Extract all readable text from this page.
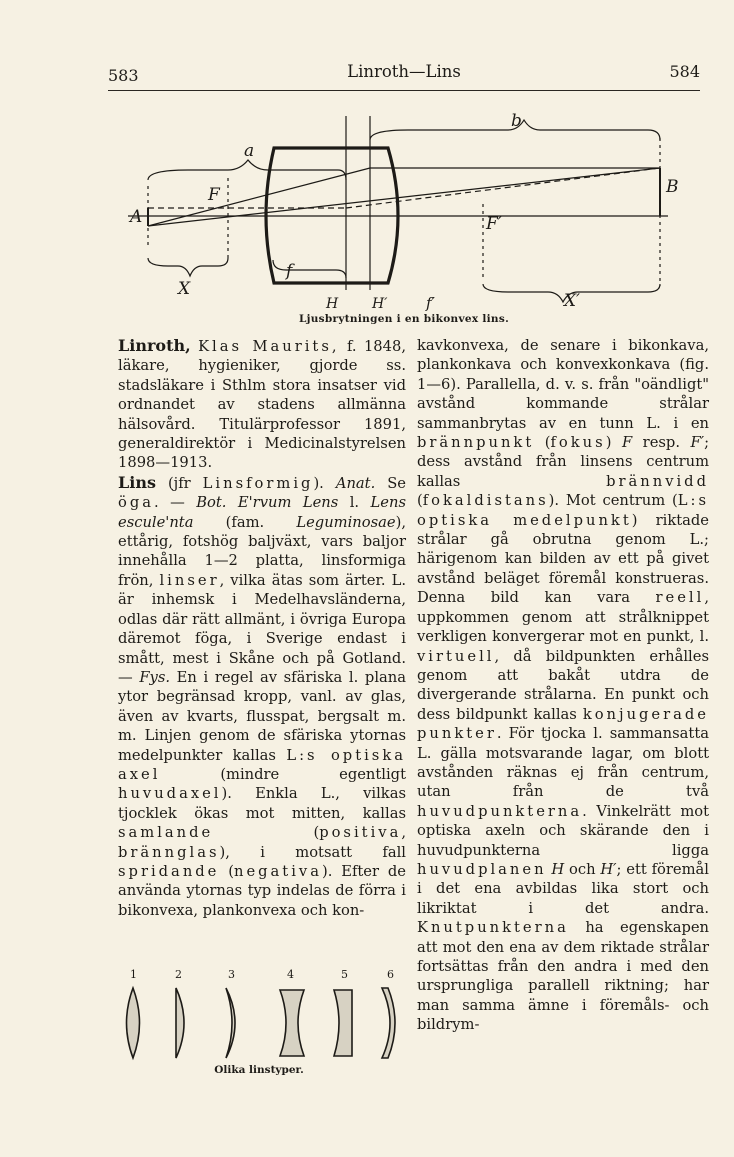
583	Linroth—Lins	584
a
b
F
A
B
F′
X
f
X′
H H′	f′
Ljusbrytningen i en bikonvex lins.

Linroth, Klas Maurits, f. 1848, läkare, hygieniker, gjorde ss. stadsläkare i Sthlm stora insatser vid ordnandet av stadens allmänna hälsovård. Titulärprofessor 1891, generaldirektör i Medicinalstyrelsen 1898—1913.

Lins (jfr Linsformig). Anat. Se öga. — Bot. E'rvum Lens l. Lens escule'nta (fam. Leguminosae), ettårig, fotshög baljväxt, vars baljor innehålla 1—2 platta, linsformiga frön, linser, vilka ätas som ärter. L. är inhemsk i Medelhavsländerna, odlas där rätt allmänt, i övriga Europa däremot föga, i Sverige endast i smått, mest i Skåne och på Gotland. — Fys. En i regel av sfäriska l. plana ytor begränsad kropp, vanl. av glas, även av kvarts, flusspat, bergsalt m. m. Linjen genom de sfäriska ytornas medelpunkter kallas L:s optiska axel (mindre egentligt huvudaxel). Enkla L., vilkas tjocklek ökas mot mitten, kallas samlande (positiva, brännglas), i motsatt fall spridande (negativa). Efter de använda ytornas typ indelas de förra i bikonvexa, plankonvexa och kon-

1	2	3	4	5	6
Olika linstyper.

kavkonvexa, de senare i bikonkava, plankonkava och konvexkonkava (fig. 1—6). Parallella, d. v. s. från "oändligt" avstånd kommande strålar sammanbrytas av en tunn L. i en brännpunkt (fokus) F resp. F′; dess avstånd från linsens centrum kallas brännvidd (fokaldistans). Mot centrum (L:s optiska medelpunkt) riktade strålar gå obrutna genom L.; härigenom kan bilden av ett på givet avstånd beläget föremål konstrueras. Denna bild kan vara reell, uppkommen genom att strålknippet verkligen konvergerar mot en punkt, l. virtuell, då bildpunkten erhålles genom att bakåt utdra de divergerande strålarna. En punkt och dess bildpunkt kallas konjugerade punkter. För tjocka l. sammansatta L. gälla motsvarande lagar, om blott avstånden räknas ej från centrum, utan från de två huvudpunkterna. Vinkelrätt mot optiska axeln och skärande den i huvudpunkterna ligga huvudplanen H och H′; ett föremål i det ena avbildas lika stort och likriktat i det andra. Knutpunkterna ha egenskapen att mot den ena av dem riktade strålar fortsättas från den andra i med den ursprungliga parallell riktning; har man samma ämne i föremåls- och bildrym-
